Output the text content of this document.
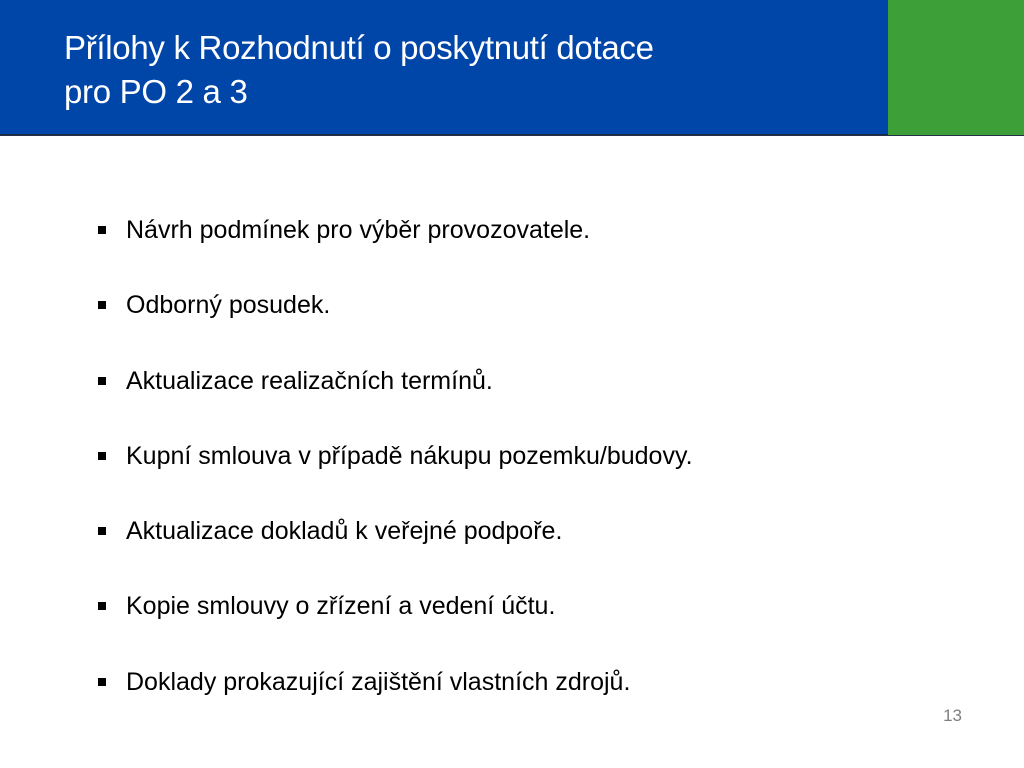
Přílohy k Rozhodnutí o poskytnutí dotace
pro PO 2 a 3
Návrh podmínek pro výběr provozovatele.
Odborný posudek.
Aktualizace realizačních termínů.
Kupní smlouva v případě nákupu pozemku/budovy.
Aktualizace dokladů k veřejné podpoře.
Kopie smlouvy o zřízení a vedení účtu.
Doklady prokazující zajištění vlastních zdrojů.
13
